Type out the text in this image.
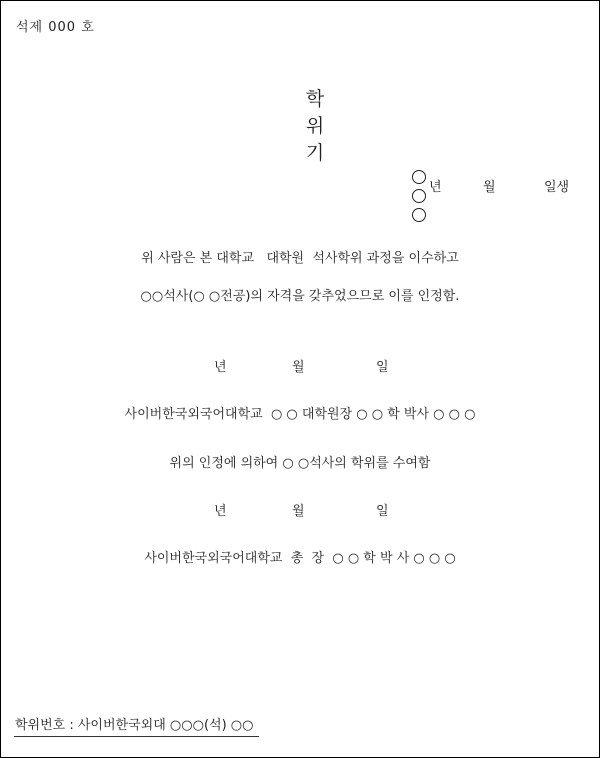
석제 000 호

학
위
기

년	월	일생
위 사람은 본 대학교   대학원  석사학위 과정을 이수하고
○○석사(○ ○전공)의 자격을 갖추었으므로 이를 인정함.
년	월	일
사이버한국외국어대학교  ○ ○ 대학원장 ○ ○ 학 박사 ○ ○ ○
위의 인정에 의하여 ○ ○석사의 학위를 수여함
년	월	일
사이버한국외국어대학교  총  장  ○ ○ 학 박 사 ○ ○ ○
학위번호 : 사이버한국외대 ○○○(석) ○○
